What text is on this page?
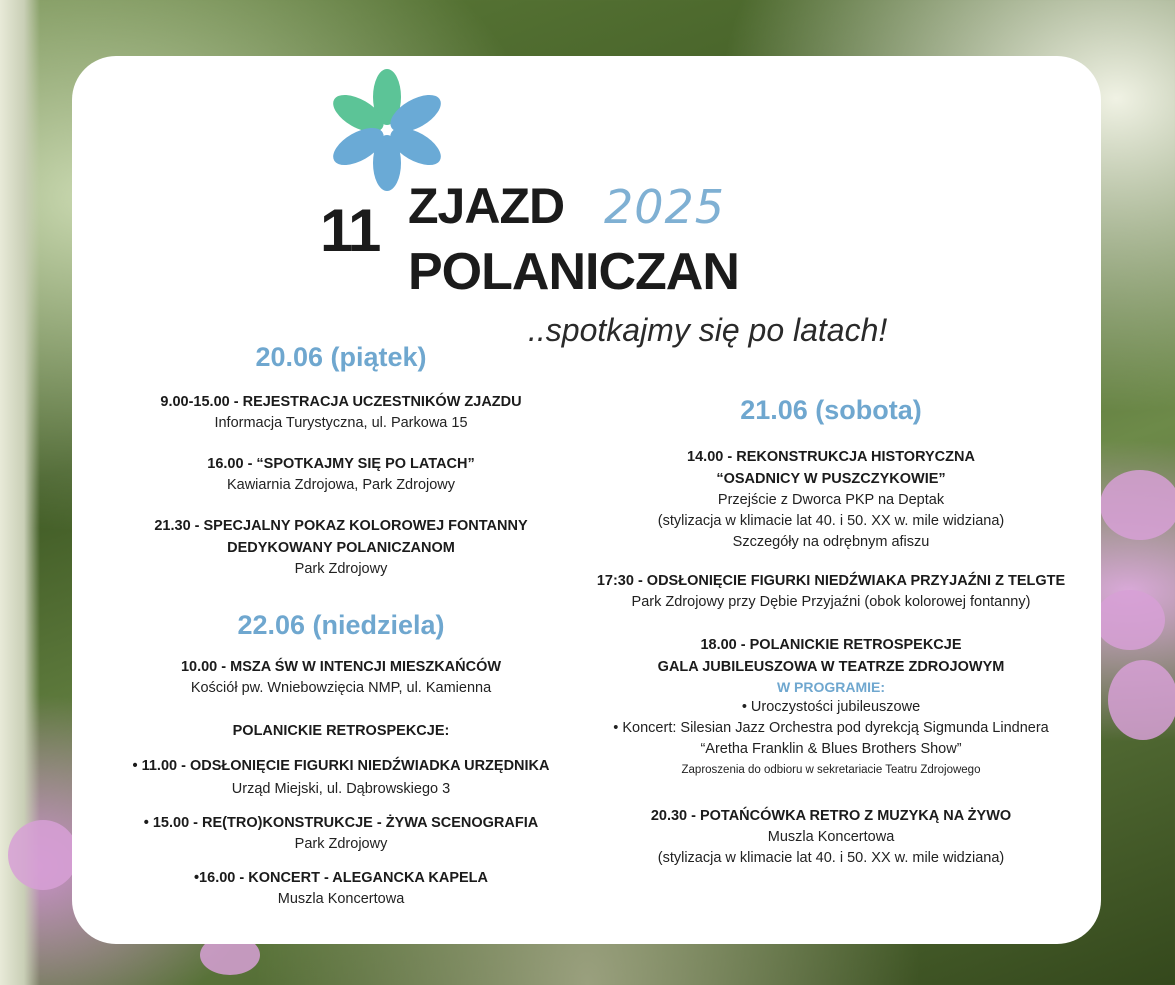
11 ZJAZD 2025
POLANICZAN
..spotkajmy się po latach!
20.06 (piątek)
9.00-15.00 - REJESTRACJA UCZESTNIKÓW ZJAZDU
Informacja Turystyczna, ul. Parkowa 15
16.00 - “SPOTKAJMY SIĘ PO LATACH”
Kawiarnia Zdrojowa, Park Zdrojowy
21.30 - SPECJALNY POKAZ KOLOROWEJ FONTANNY
DEDYKOWANY POLANICZANOM
Park Zdrojowy
22.06 (niedziela)
10.00 - MSZA ŚW W INTENCJI MIESZKAŃCÓW
Kościół pw. Wniebowzięcia NMP, ul. Kamienna
POLANICKIE RETROSPEKCJE:
• 11.00 - ODSŁONIĘCIE FIGURKI NIEDŹWIADKA URZĘDNIKA
Urząd Miejski, ul. Dąbrowskiego 3
• 15.00 - RE(TRO)KONSTRUKCJE - ŻYWA SCENOGRAFIA
Park Zdrojowy
•16.00 - KONCERT - ALEGANCKA KAPELA
Muszla Koncertowa
21.06 (sobota)
14.00 - REKONSTRUKCJA HISTORYCZNA
“OSADNICY W PUSZCZYKOWIE”
Przejście z Dworca PKP na Deptak
(stylizacja w klimacie lat 40. i 50. XX w. mile widziana)
Szczegóły na odrębnym afiszu
17:30 - ODSŁONIĘCIE FIGURKI NIEDŹWIAKA PRZYJAŹNI Z TELGTE
Park Zdrojowy przy Dębie Przyjaźni (obok kolorowej fontanny)
18.00 - POLANICKIE RETROSPEKCJE
GALA JUBILEUSZOWA W TEATRZE ZDROJOWYM
W PROGRAMIE:
• Uroczystości jubileuszowe
• Koncert: Silesian Jazz Orchestra pod dyrekcją Sigmunda Lindnera
“Aretha Franklin & Blues Brothers Show”
Zaproszenia do odbioru w sekretariacie Teatru Zdrojowego
20.30 - POTAŃCÓWKA RETRO Z MUZYKĄ NA ŻYWO
Muszla Koncertowa
(stylizacja w klimacie lat 40. i 50. XX w. mile widziana)
